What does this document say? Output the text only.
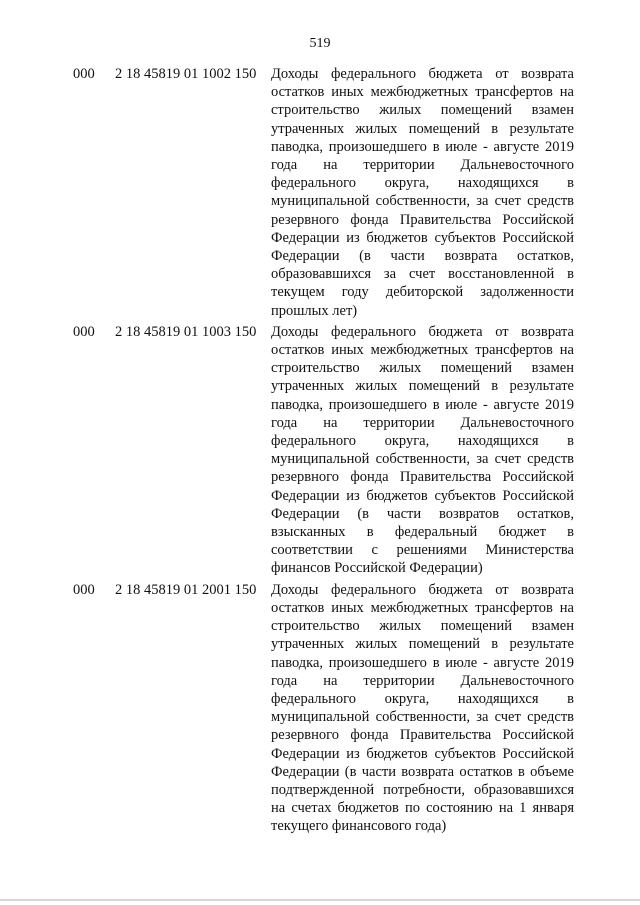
519
000	2 18 45819 01 1002 150	Доходы федерального бюджета от возврата остатков иных межбюджетных трансфертов на строительство жилых помещений взамен утраченных жилых помещений в результате паводка, произошедшего в июле - августе 2019 года на территории Дальневосточного федерального округа, находящихся в муниципальной собственности, за счет средств резервного фонда Правительства Российской Федерации из бюджетов субъектов Российской Федерации (в части возврата остатков, образовавшихся за счет восстановленной в текущем году дебиторской задолженности прошлых лет)
000	2 18 45819 01 1003 150	Доходы федерального бюджета от возврата остатков иных межбюджетных трансфертов на строительство жилых помещений взамен утраченных жилых помещений в результате паводка, произошедшего в июле - августе 2019 года на территории Дальневосточного федерального округа, находящихся в муниципальной собственности, за счет средств резервного фонда Правительства Российской Федерации из бюджетов субъектов Российской Федерации (в части возвратов остатков, взысканных в федеральный бюджет в соответствии с решениями Министерства финансов Российской Федерации)
000	2 18 45819 01 2001 150	Доходы федерального бюджета от возврата остатков иных межбюджетных трансфертов на строительство жилых помещений взамен утраченных жилых помещений в результате паводка, произошедшего в июле - августе 2019 года на территории Дальневосточного федерального округа, находящихся в муниципальной собственности, за счет средств резервного фонда Правительства Российской Федерации из бюджетов субъектов Российской Федерации (в части возврата остатков в объеме подтвержденной потребности, образовавшихся на счетах бюджетов по состоянию на 1 января текущего финансового года)
